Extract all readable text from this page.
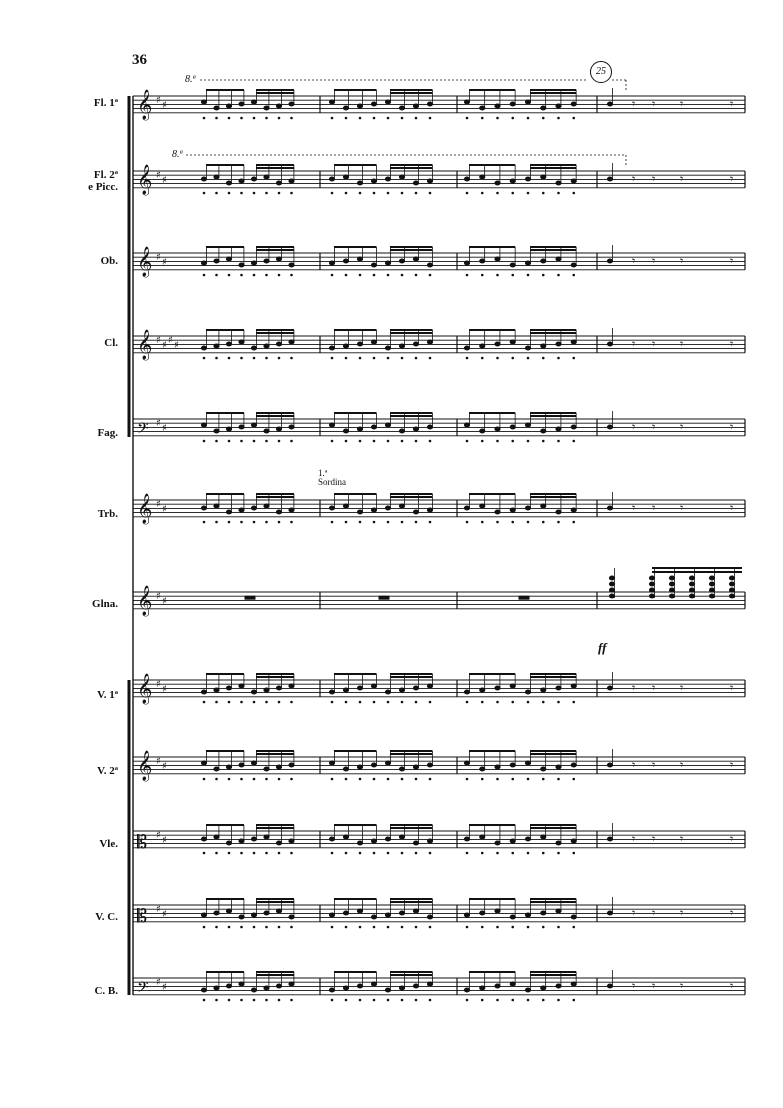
36
25
8.ª
8.ª
1.ª
Sordina
ff
Fl. 1ª
Fl. 2ª
e Picc.
Ob.
Cl.
Fag.
Trb.
Glna.
V. 1ª
V. 2ª
Vle.
V. C.
C. B.
𝄞 ♯ ♯
𝄞 ♯ ♯
𝄞 ♯ ♯
𝄞 ♯ ♯ ♯ ♯
𝄢 ♯ ♯
𝄞 ♯ ♯
𝄞 ♯ ♯
𝄞 ♯ ♯
𝄞 ♯ ♯
𝄡 ♯ ♯
𝄡 ♯ ♯
𝄢 ♯ ♯
𝄾 𝄾 𝄾	𝄾
𝄾 𝄾 𝄾	𝄾
𝄾 𝄾 𝄾	𝄾
𝄾 𝄾 𝄾	𝄾
𝄾 𝄾 𝄾	𝄾
𝄾 𝄾 𝄾	𝄾
𝄾 𝄾 𝄾	𝄾
𝄾 𝄾 𝄾	𝄾
𝄾 𝄾 𝄾	𝄾
𝄾 𝄾 𝄾	𝄾
𝄾 𝄾 𝄾	𝄾
